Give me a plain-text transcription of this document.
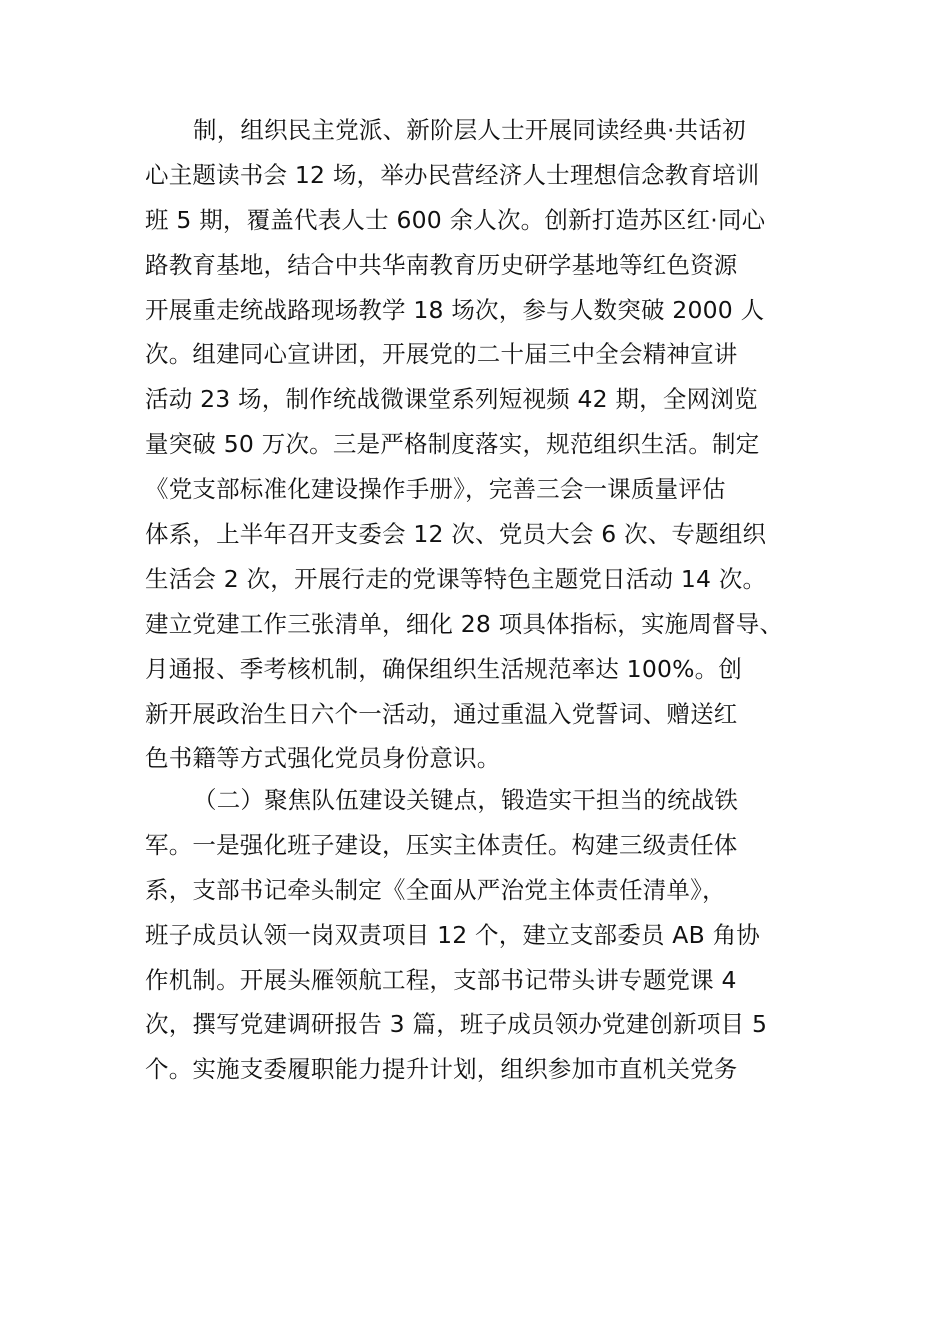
制，组织民主党派、新阶层人士开展同读经典·共话初
心主题读书会 12 场，举办民营经济人士理想信念教育培训
班 5 期，覆盖代表人士 600 余人次。创新打造苏区红·同心
路教育基地，结合中共华南教育历史研学基地等红色资源
开展重走统战路现场教学 18 场次，参与人数突破 2000 人
次。组建同心宣讲团，开展党的二十届三中全会精神宣讲
活动 23 场，制作统战微课堂系列短视频 42 期，全网浏览
量突破 50 万次。三是严格制度落实，规范组织生活。制定
《党支部标准化建设操作手册》，完善三会一课质量评估
体系，上半年召开支委会 12 次、党员大会 6 次、专题组织
生活会 2 次，开展行走的党课等特色主题党日活动 14 次。
建立党建工作三张清单，细化 28 项具体指标，实施周督导、
月通报、季考核机制，确保组织生活规范率达 100%。创
新开展政治生日六个一活动，通过重温入党誓词、赠送红
色书籍等方式强化党员身份意识。
（二）聚焦队伍建设关键点，锻造实干担当的统战铁
军。一是强化班子建设，压实主体责任。构建三级责任体
系，支部书记牵头制定《全面从严治党主体责任清单》，
班子成员认领一岗双责项目 12 个，建立支部委员 AB 角协
作机制。开展头雁领航工程，支部书记带头讲专题党课 4
次，撰写党建调研报告 3 篇，班子成员领办党建创新项目 5
个。实施支委履职能力提升计划，组织参加市直机关党务
